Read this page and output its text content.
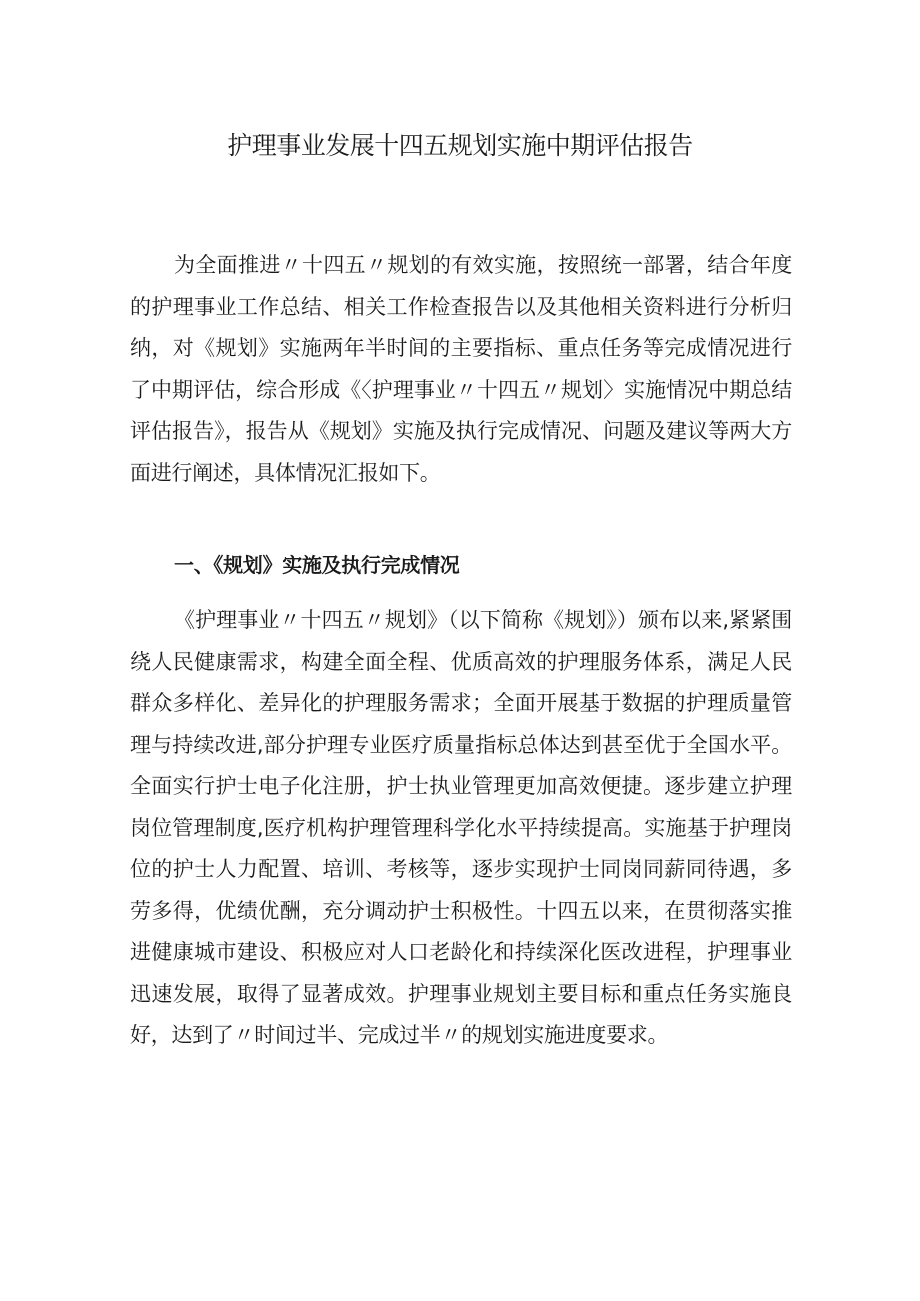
护理事业发展十四五规划实施中期评估报告

为全面推进〃十四五〃规划的有效实施，按照统一部署，结合年度的护理事业工作总结、相关工作检查报告以及其他相关资料进行分析归纳，对《规划》实施两年半时间的主要指标、重点任务等完成情况进行了中期评估，综合形成《〈护理事业〃十四五〃规划〉实施情况中期总结评估报告》，报告从《规划》实施及执行完成情况、问题及建议等两大方面进行阐述，具体情况汇报如下。

一、《规划》实施及执行完成情况

《护理事业〃十四五〃规划》（以下简称《规划》）颁布以来,紧紧围绕人民健康需求，构建全面全程、优质高效的护理服务体系，满足人民群众多样化、差异化的护理服务需求；全面开展基于数据的护理质量管理与持续改进,部分护理专业医疗质量指标总体达到甚至优于全国水平。全面实行护士电子化注册，护士执业管理更加高效便捷。逐步建立护理岗位管理制度,医疗机构护理管理科学化水平持续提高。实施基于护理岗位的护士人力配置、培训、考核等，逐步实现护士同岗同薪同待遇，多劳多得，优绩优酬，充分调动护士积极性。十四五以来，在贯彻落实推进健康城市建设、积极应对人口老龄化和持续深化医改进程，护理事业迅速发展，取得了显著成效。护理事业规划主要目标和重点任务实施良好，达到了〃时间过半、完成过半〃的规划实施进度要求。
